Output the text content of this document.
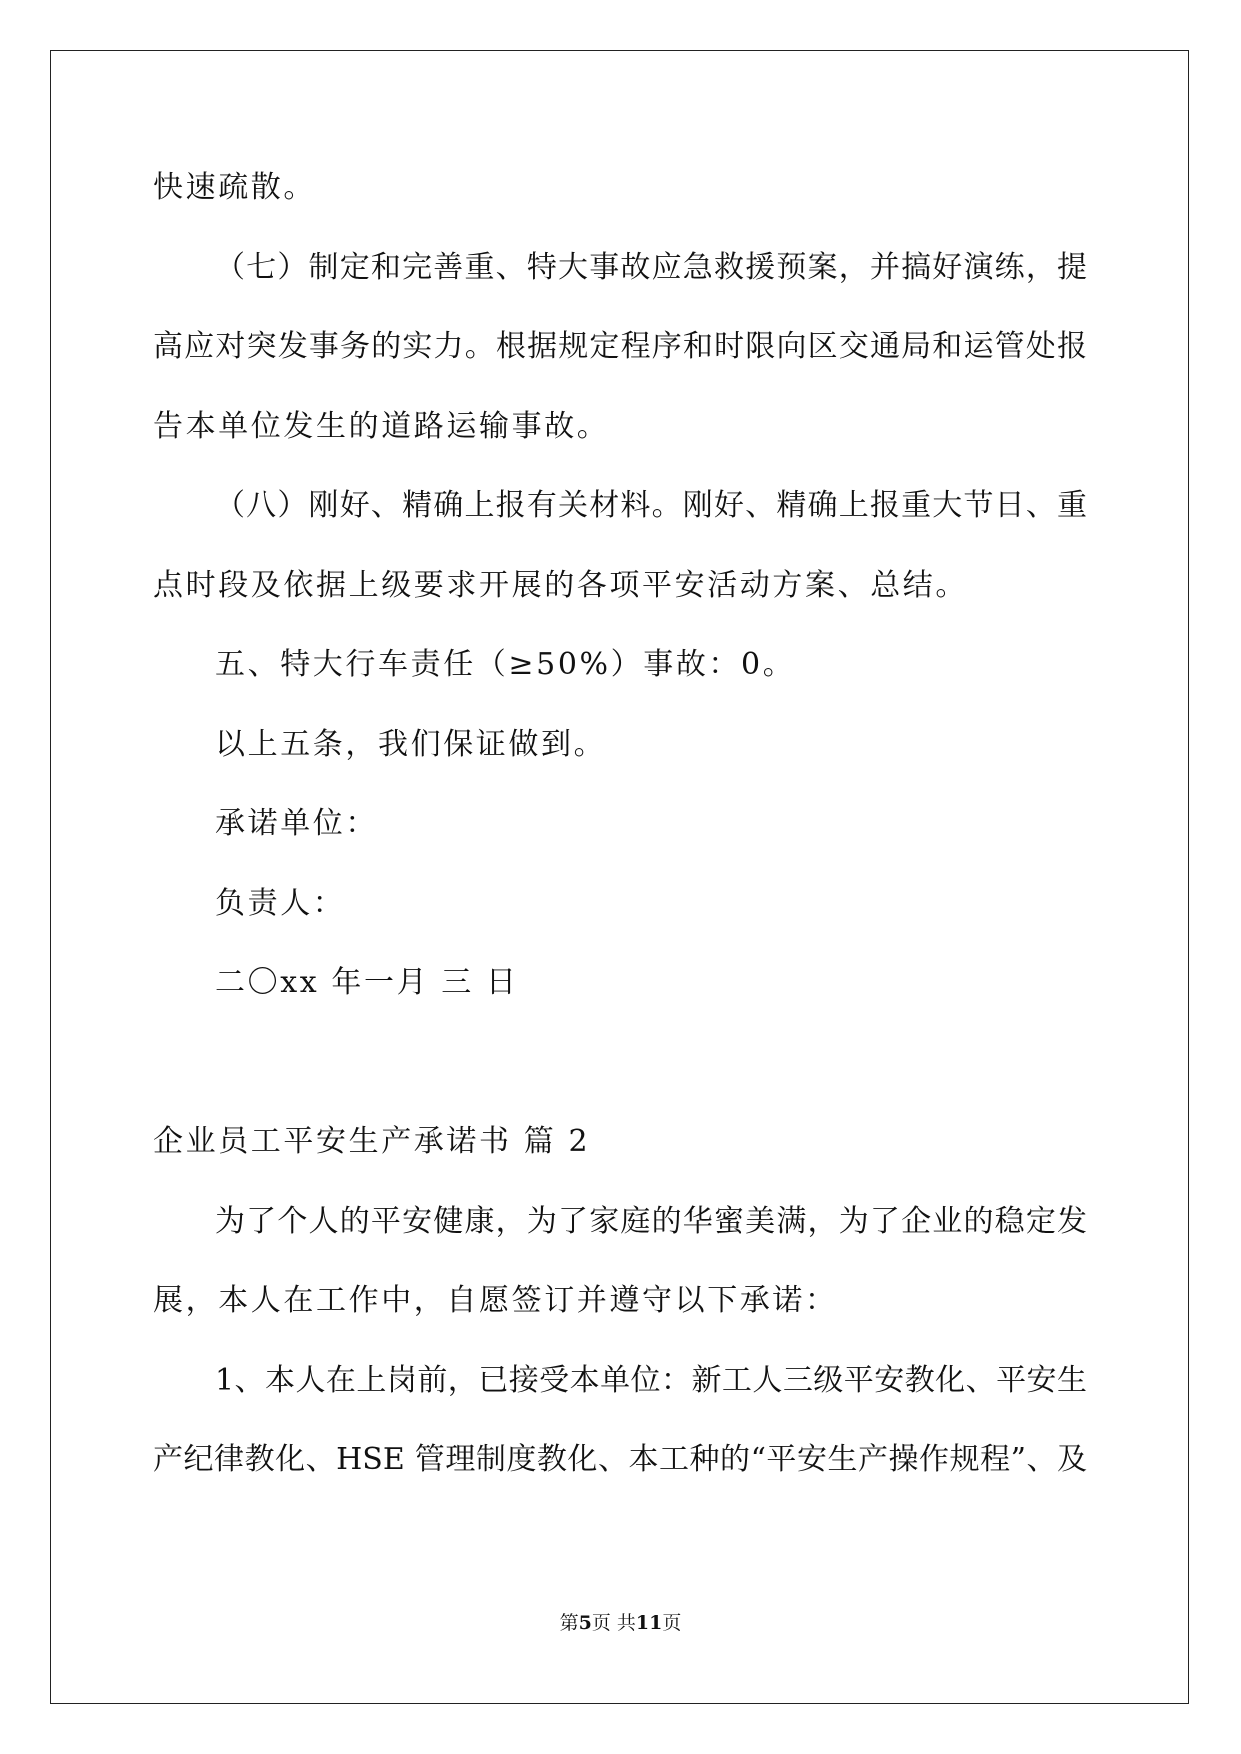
快速疏散。
（七）制定和完善重、特大事故应急救援预案，并搞好演练，提
高应对突发事务的实力。根据规定程序和时限向区交通局和运管处报
告本单位发生的道路运输事故。
（八）刚好、精确上报有关材料。刚好、精确上报重大节日、重
点时段及依据上级要求开展的各项平安活动方案、总结。
五、特大行车责任（≥50%）事故：0。
以上五条，我们保证做到。
承诺单位：
负责人：
二〇xx 年一月 三 日
企业员工平安生产承诺书 篇 2
为了个人的平安健康，为了家庭的华蜜美满，为了企业的稳定发
展，本人在工作中，自愿签订并遵守以下承诺：
1、本人在上岗前，已接受本单位：新工人三级平安教化、平安生
产纪律教化、HSE 管理制度教化、本工种的“平安生产操作规程”、及
第5页 共11页
